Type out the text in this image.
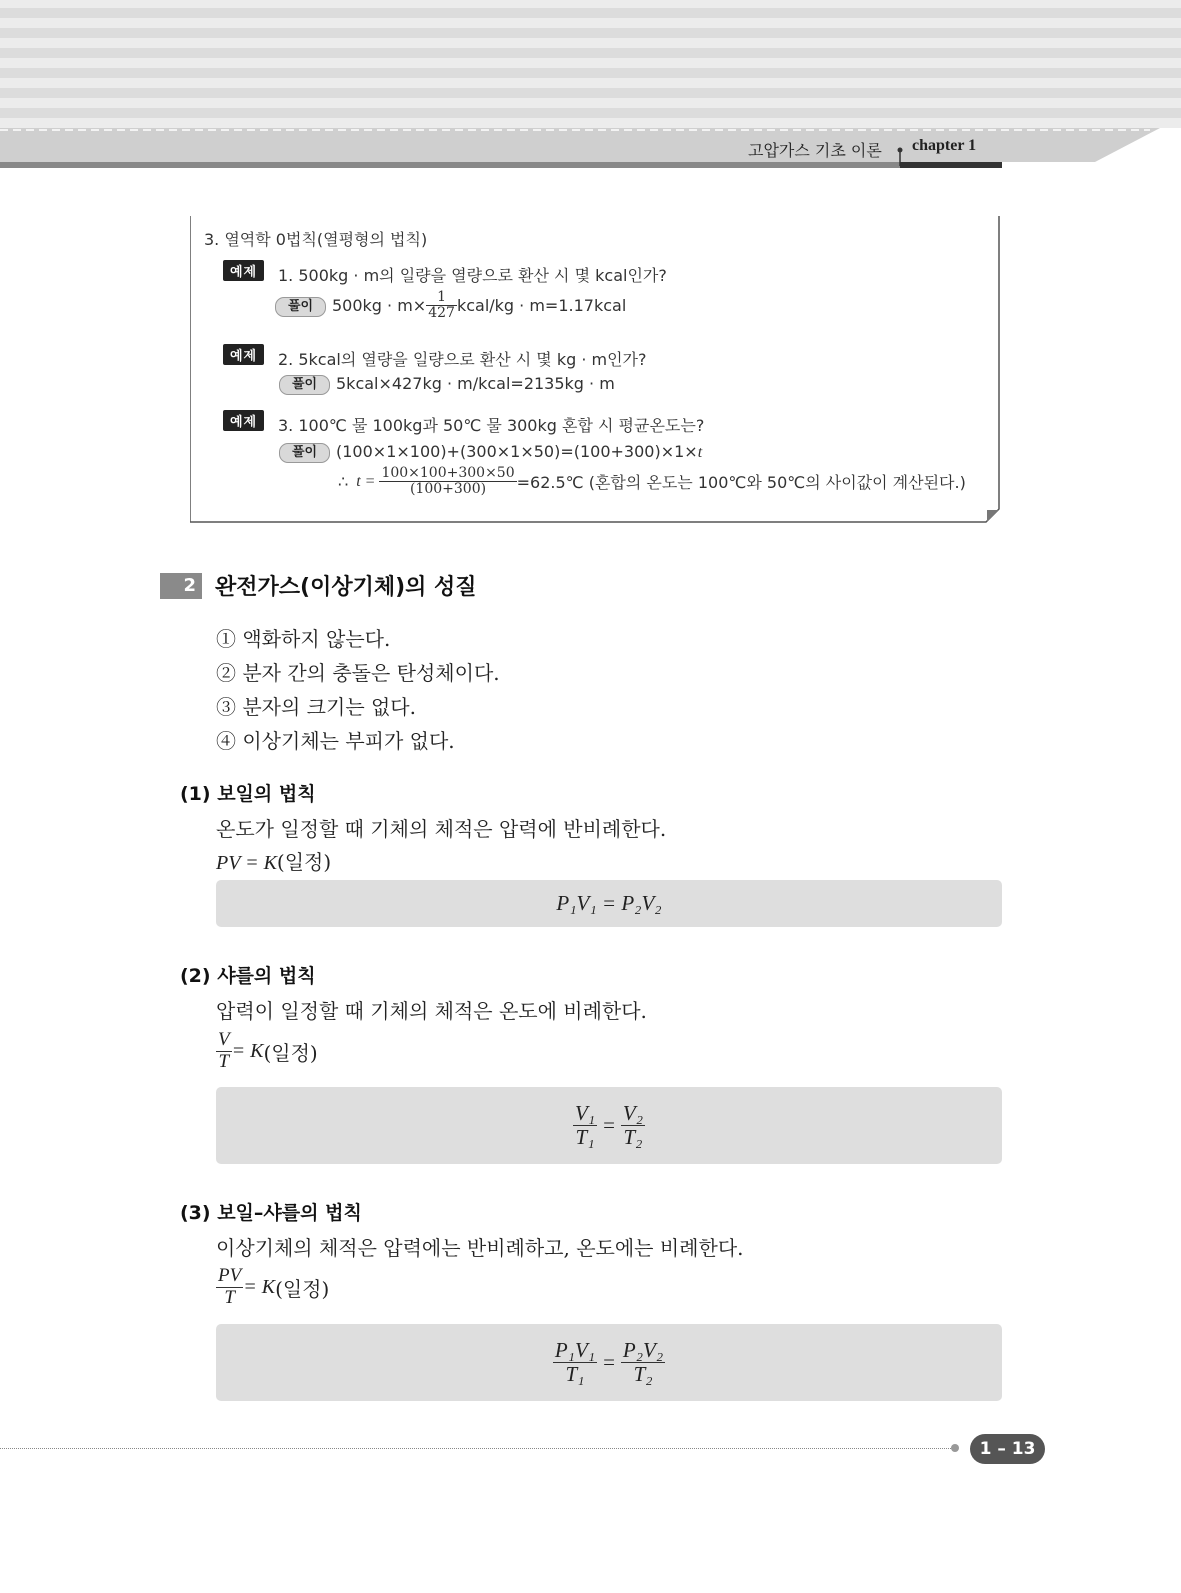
고압가스 기초 이론 chapter 1
3. 열역학 0법칙(열평형의 법칙)
예제	1. 500kg · m의 일량을 열량으로 환산 시 몇 kcal인가?
풀이	$500kg \cdot m\times \frac{1}{427}$ kcal/kg · m=1.17kcal
예제	2. 5kcal의 열량을 일량으로 환산 시 몇 kg · m인가?
풀이	5kcal×427kg · m/kcal=2135kg · m
예제	3. 100℃ 물 100kg과 50℃ 물 300kg 혼합 시 평균온도는?
풀이	(100×1×100)+(300×1×50)=(100+300)×1×t
∴ $t = \frac{100\times 100+300\times 50}{(100+300)}$ =62.5℃ (혼합의 온도는 100℃와 50℃의 사이값이 계산된다.)
2 완전가스(이상기체)의 성질
① 액화하지 않는다.
② 분자 간의 충돌은 탄성체이다.
③ 분자의 크기는 없다.
④ 이상기체는 부피가 없다.
(1) 보일의 법칙
온도가 일정할 때 기체의 체적은 압력에 반비례한다.
PV = K(일정)
P₁V₁ = P₂V₂
(2) 샤를의 법칙
압력이 일정할 때 기체의 체적은 온도에 비례한다.
$\frac{V}{T} = K$ (일정)
$\frac{\text{V₁}}{\text{T₁}} = \frac{\text{V₂}}{\text{T₂}}$
(3) 보일–샤를의 법칙
이상기체의 체적은 압력에는 반비례하고, 온도에는 비례한다.
$\frac{PV}{T} = K$ (일정)
$\frac{\text{P₁V₁}}{\text{T₁}} = \frac{\text{P₂V₂}}{\text{T₂}}$
1 – 13
